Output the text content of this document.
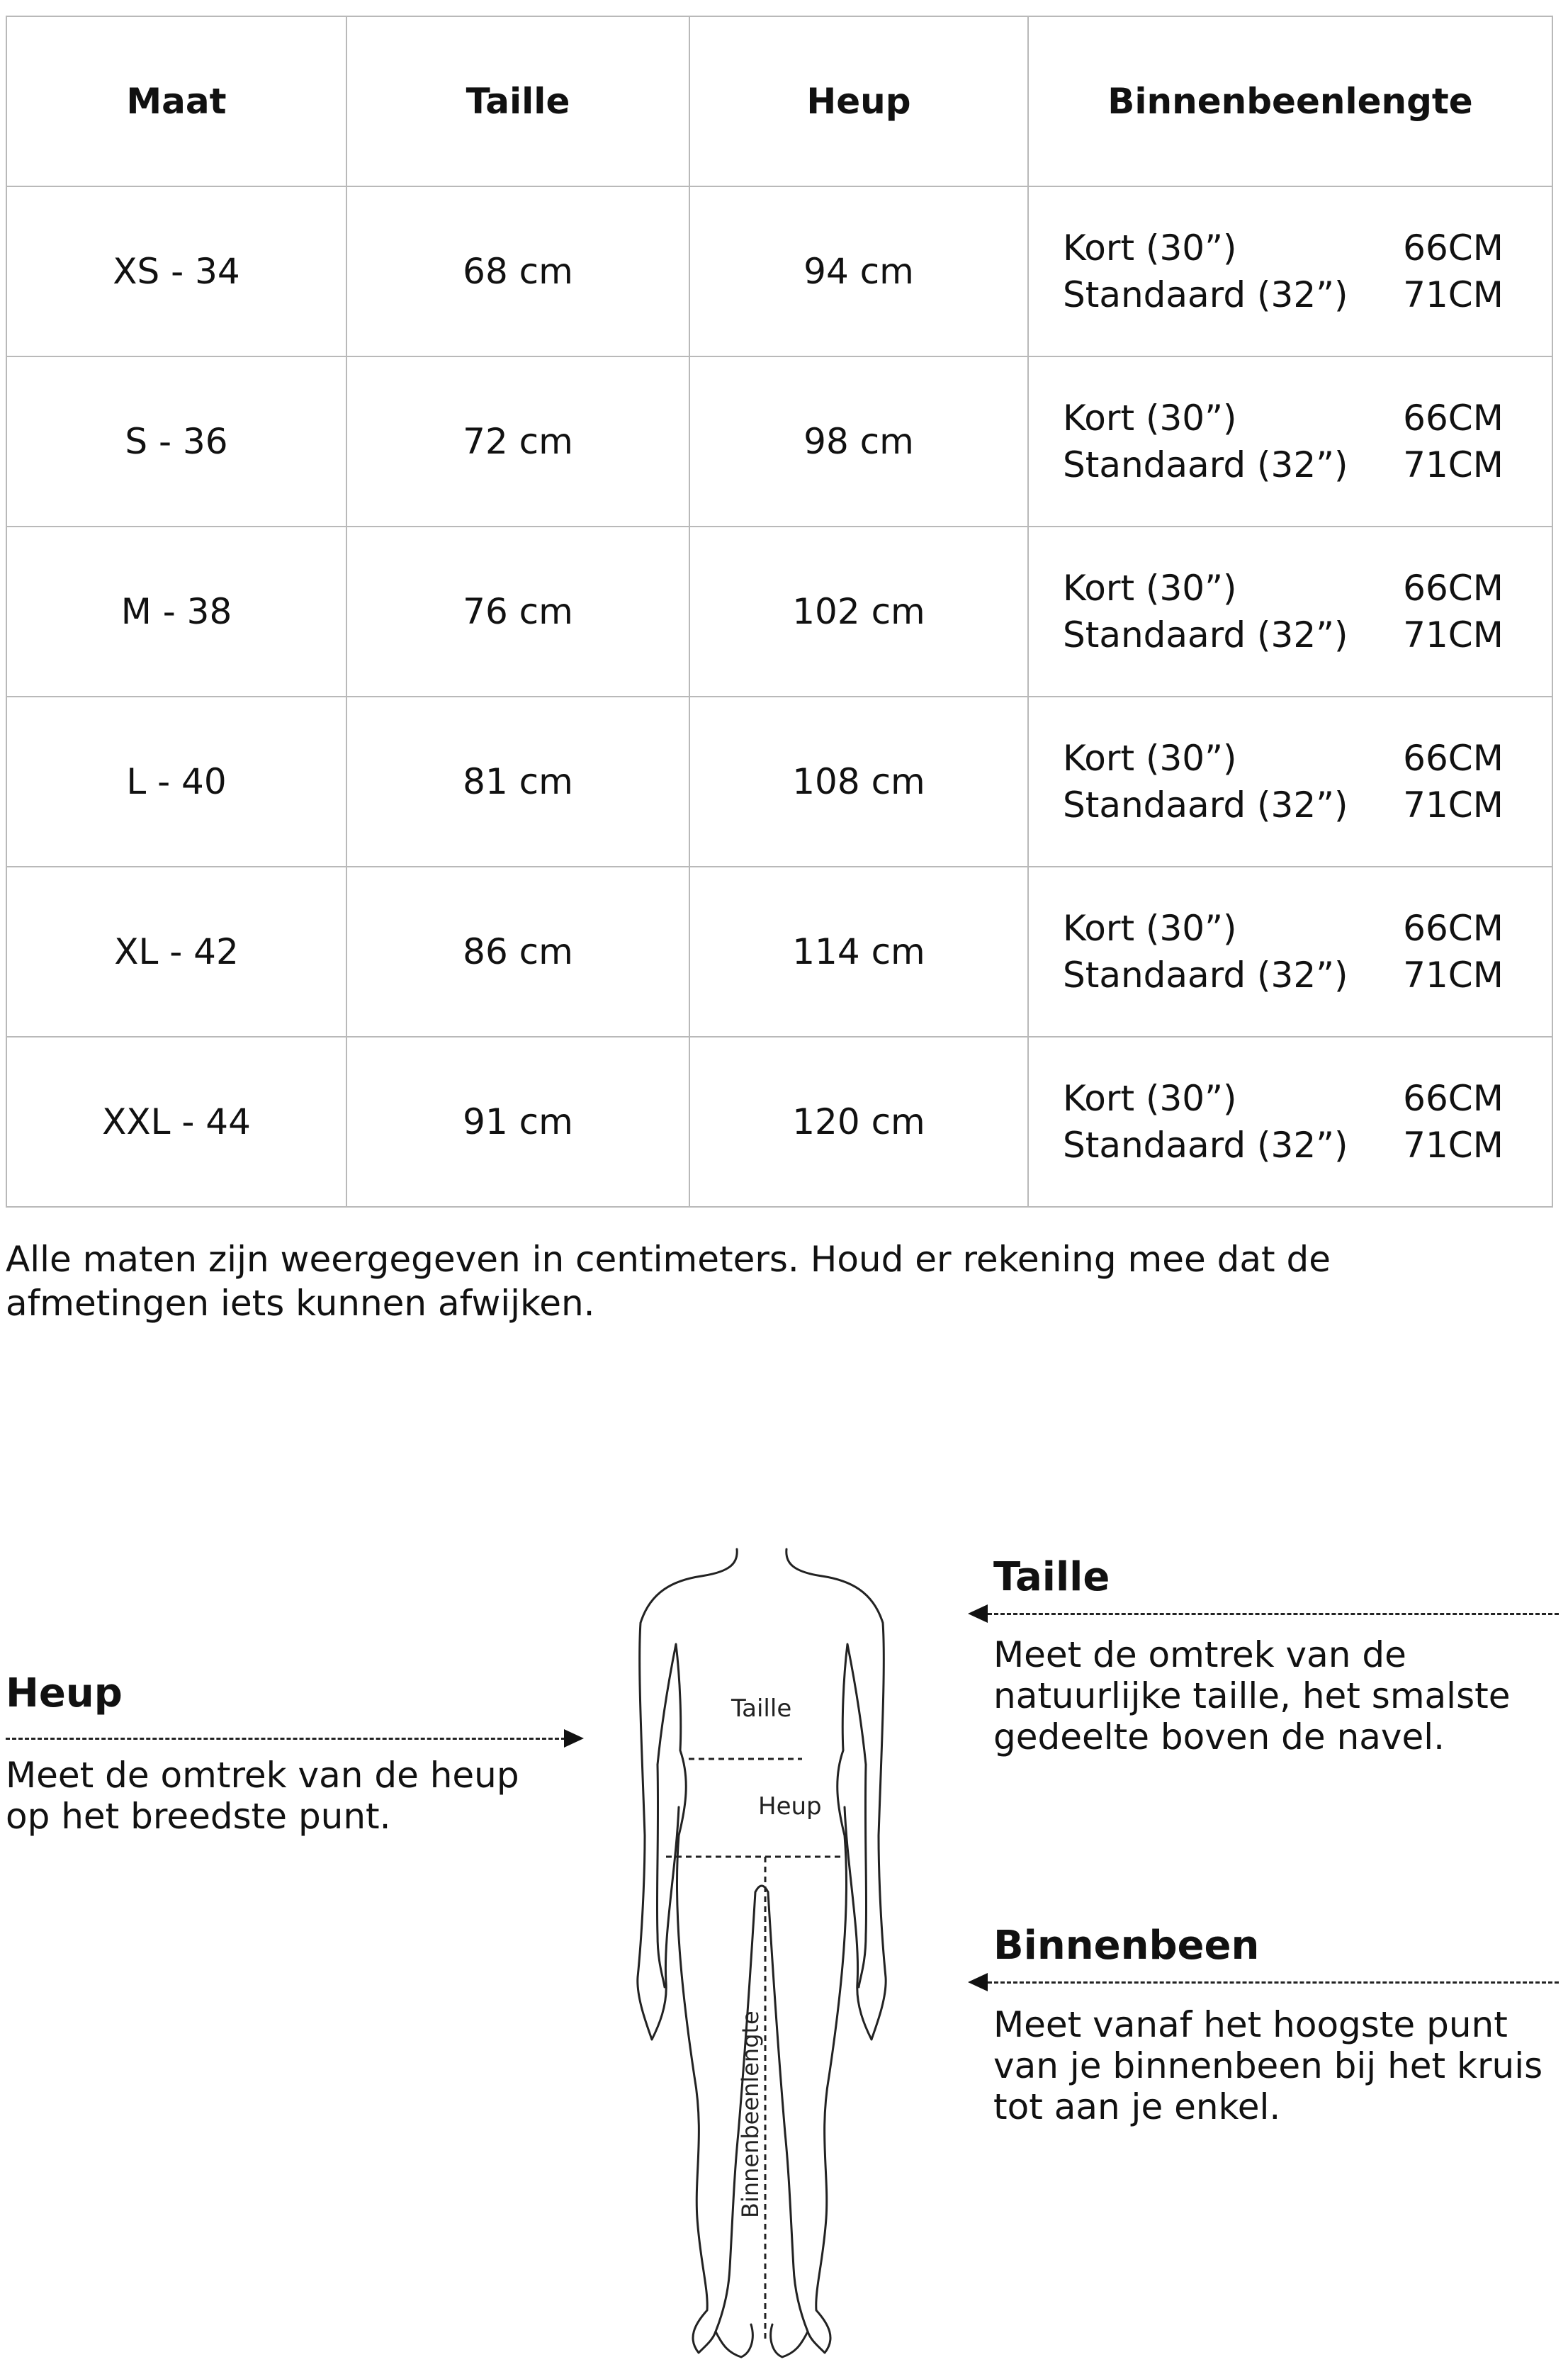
Maat	Taille	Heup	Binnenbeenlengte
XS - 34	68 cm	94 cm	Kort (30”) 66CM
Standaard (32”) 71CM

S - 36	72 cm	98 cm	Kort (30”) 66CM
Standaard (32”) 71CM

M - 38	76 cm	102 cm	Kort (30”) 66CM
Standaard (32”) 71CM

L - 40	81 cm	108 cm	Kort (30”) 66CM
Standaard (32”) 71CM

XL - 42	86 cm	114 cm	Kort (30”) 66CM
Standaard (32”) 71CM

XXL - 44	91 cm	120 cm	Kort (30”) 66CM
Standaard (32”) 71CM
Alle maten zijn weergegeven in centimeters. Houd er rekening mee dat de afmetingen iets kunnen afwijken.
Heup
Meet de omtrek van de heup
op het breedste punt.
Taille
Meet de omtrek van de
natuurlijke taille, het smalste
gedeelte boven de navel.
Binnenbeen
Meet vanaf het hoogste punt
van je binnenbeen bij het kruis
tot aan je enkel.
Taille
Heup
Binnenbeenlengte
